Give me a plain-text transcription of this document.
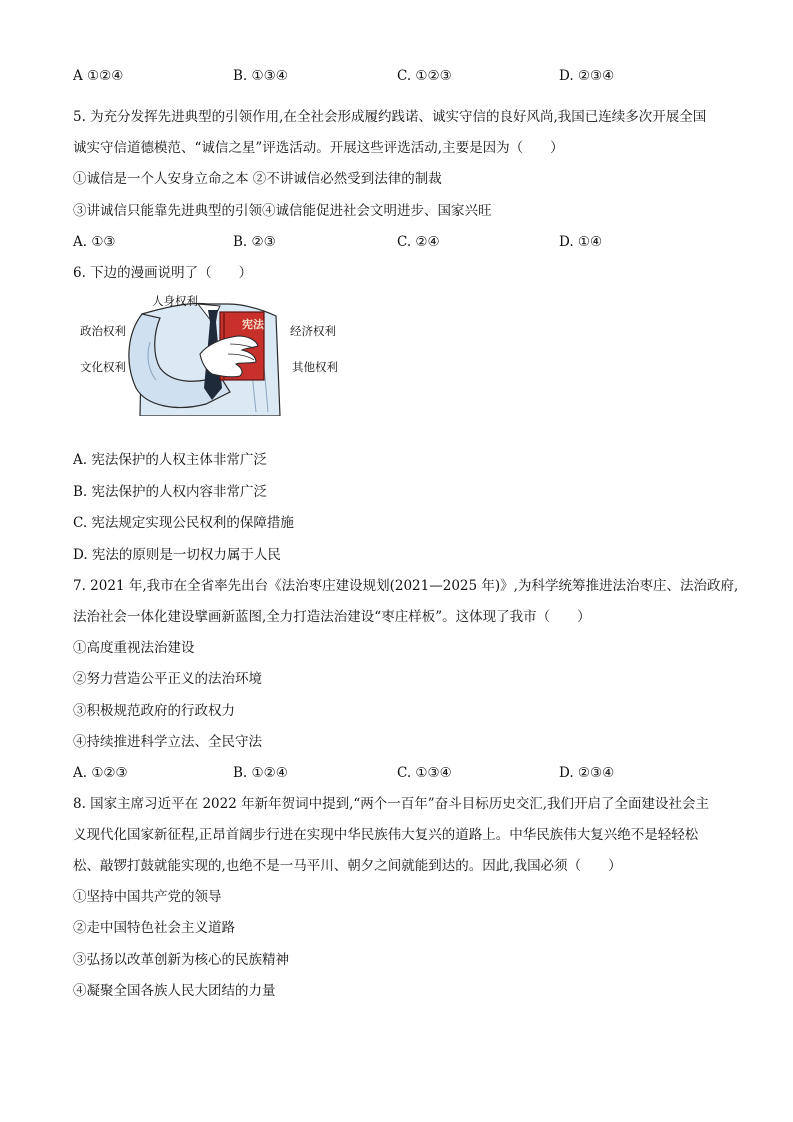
A ①②④	B. ①③④	C. ①②③	D. ②③④
5. 为充分发挥先进典型的引领作用,在全社会形成履约践诺、诚实守信的良好风尚,我国已连续多次开展全国
诚实守信道德模范、“诚信之星”评选活动。开展这些评选活动,主要是因为（　　）
①诚信是一个人安身立命之本 ②不讲诚信必然受到法律的制裁
③讲诚信只能靠先进典型的引领④诚信能促进社会文明进步、国家兴旺
A. ①③	B. ②③	C. ②④	D. ①④
6. 下边的漫画说明了（　　）
宪法
人身权利
政治权利
文化权利
经济权利
其他权利
A. 宪法保护的人权主体非常广泛
B. 宪法保护的人权内容非常广泛
C. 宪法规定实现公民权利的保障措施
D. 宪法的原则是一切权力属于人民
7. 2021 年,我市在全省率先出台《法治枣庄建设规划(2021—2025 年)》,为科学统筹推进法治枣庄、法治政府,
法治社会一体化建设擘画新蓝图,全力打造法治建设“枣庄样板”。这体现了我市（　　）
①高度重视法治建设
②努力营造公平正义的法治环境
③积极规范政府的行政权力
④持续推进科学立法、全民守法
A. ①②③	B. ①②④	C. ①③④	D. ②③④
8. 国家主席习近平在 2022 年新年贺词中提到,“两个一百年”奋斗目标历史交汇,我们开启了全面建设社会主
义现代化国家新征程,正昂首阔步行进在实现中华民族伟大复兴的道路上。中华民族伟大复兴绝不是轻轻松
松、敲锣打鼓就能实现的,也绝不是一马平川、朝夕之间就能到达的。因此,我国必须（　　）
①坚持中国共产党的领导
②走中国特色社会主义道路
③弘扬以改革创新为核心的民族精神
④凝聚全国各族人民大团结的力量
